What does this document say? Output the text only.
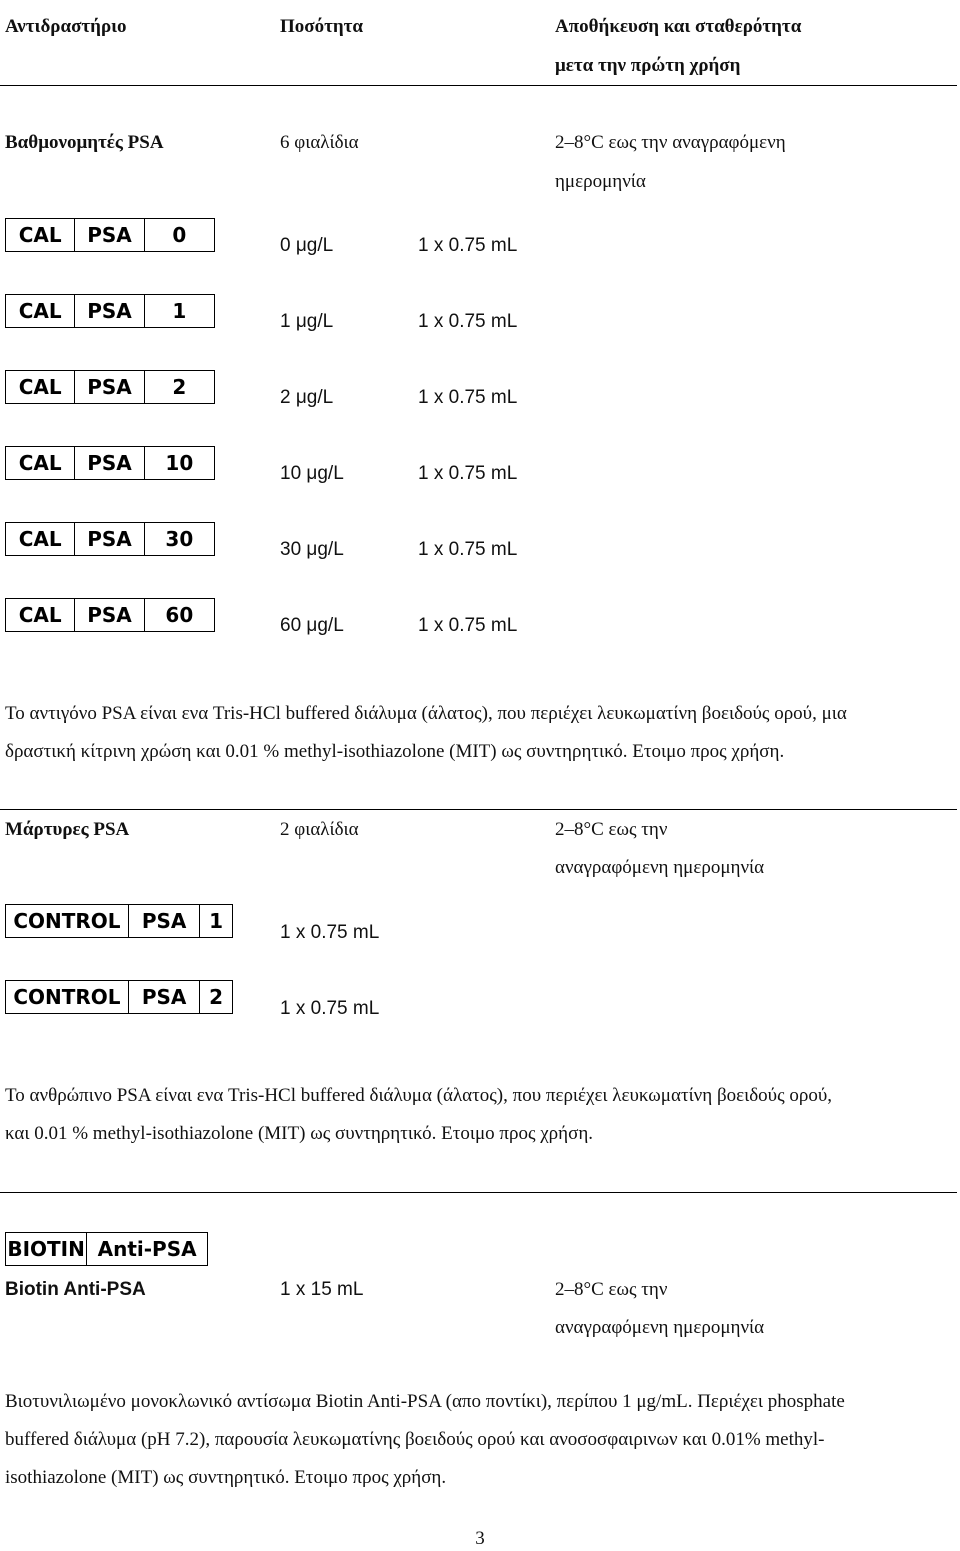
Αντιδραστήριο	Ποσότητα	Αποθήκευση και σταθερότητα
μετα την πρώτη χρήση
Βαθμονομητές PSA	6 φιαλίδια	2–8°C εως την αναγραφόμενη
ημερομηνία
CAL	PSA	0	0 μg/L	1 x 0.75 mL
CAL	PSA	1	1 μg/L	1 x 0.75 mL
CAL	PSA	2	2 μg/L	1 x 0.75 mL
CAL	PSA	10	10 μg/L	1 x 0.75 mL
CAL	PSA	30	30 μg/L	1 x 0.75 mL
CAL	PSA	60	60 μg/L	1 x 0.75 mL
Το αντιγόνο PSA είναι ενα Tris-HCl buffered διάλυμα (άλατος), που περιέχει λευκωματίνη βοειδούς ορού, μια
δραστική κίτρινη χρώση και 0.01 % methyl-isothiazolone (MIT) ως συντηρητικό. Ετοιμο προς χρήση.
Μάρτυρες PSA	2 φιαλίδια	2–8°C εως την
αναγραφόμενη ημερομηνία
CONTROL	PSA	1	1 x 0.75 mL
CONTROL	PSA	2	1 x 0.75 mL
Το ανθρώπινο PSA είναι ενα Tris-HCl buffered διάλυμα (άλατος), που περιέχει λευκωματίνη βοειδούς ορού,
και 0.01 % methyl-isothiazolone (MIT) ως συντηρητικό. Ετοιμο προς χρήση.
BIOTIN Anti-PSA
Biotin Anti-PSA	1 x 15 mL	2–8°C εως την
αναγραφόμενη ημερομηνία
Βιοτυνιλιωμένο μονοκλωνικό αντίσωμα Biotin Anti-PSA (απο ποντίκι), περίπου 1 μg/mL. Περιέχει phosphate
buffered διάλυμα (pH 7.2), παρουσία λευκωματίνης βοειδούς ορού και ανοσοσφαιρινων και 0.01% methyl-
isothiazolone (MIT) ως συντηρητικό. Ετοιμο προς χρήση.
3
